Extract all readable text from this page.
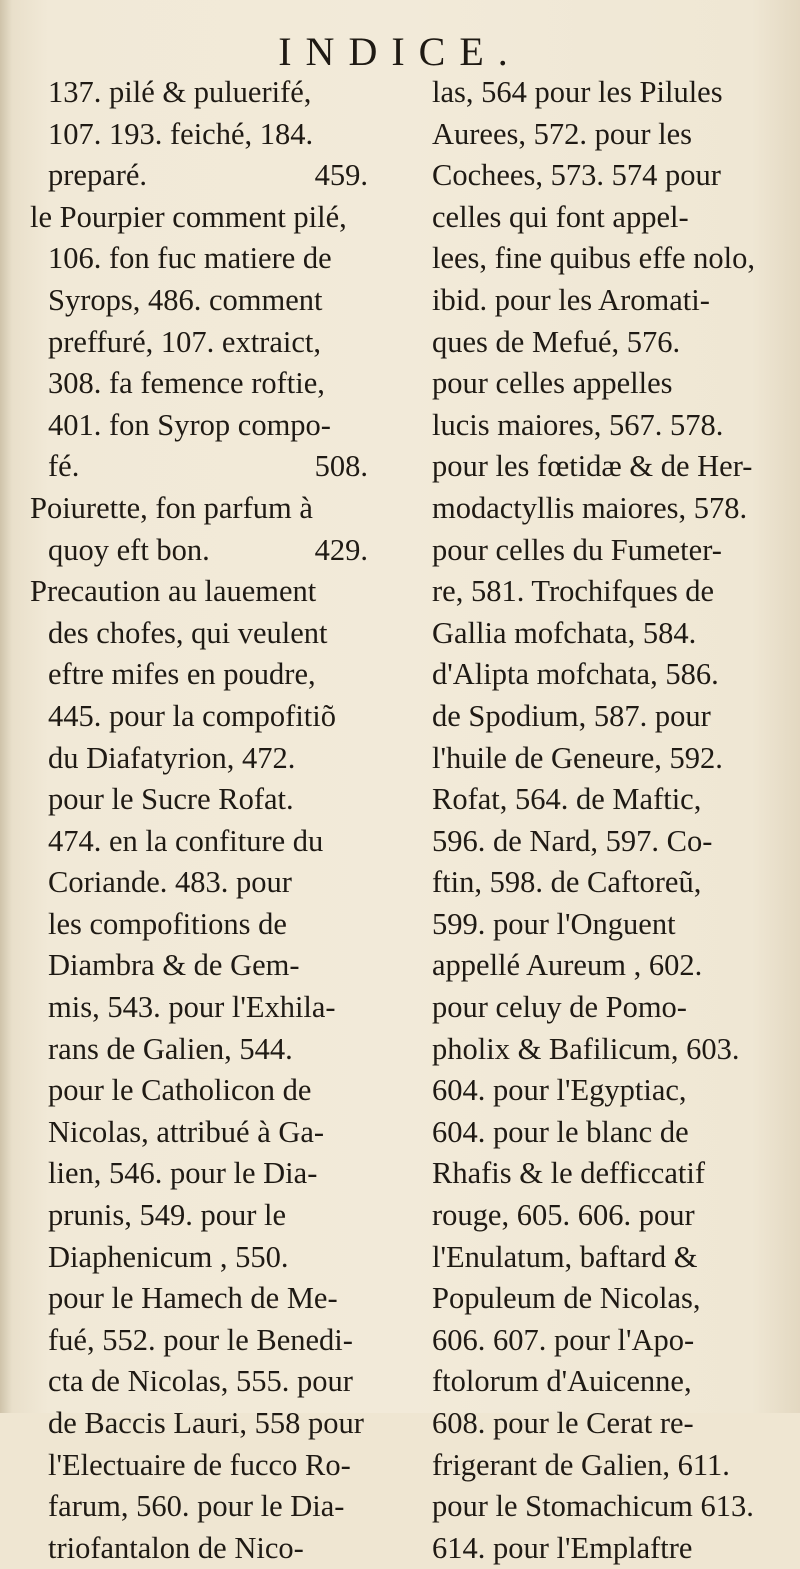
INDICE.
137. pilé & puluerifé,
107. 193. feiché, 184.
preparé.	459.
le Pourpier comment pilé,
106. fon fuc matiere de
Syrops, 486. comment
preffuré, 107. extraict,
308. fa femence roftie,
401. fon Syrop compo-
fé.	508.
Poiurette, fon parfum à
quoy eft bon.	429.
Precaution au lauement
des chofes, qui veulent
eftre mifes en poudre,
445. pour la compofitiõ
du Diafatyrion, 472.
pour le Sucre Rofat.
474. en la confiture du
Coriande. 483. pour
les compofitions de
Diambra & de Gem-
mis, 543. pour l'Exhila-
rans de Galien, 544.
pour le Catholicon de
Nicolas, attribué à Ga-
lien, 546. pour le Dia-
prunis, 549. pour le
Diaphenicum , 550.
pour le Hamech de Me-
fué, 552. pour le Benedi-
cta de Nicolas, 555. pour
de Baccis Lauri, 558 pour
l'Electuaire de fucco Ro-
farum, 560. pour le Dia-
triofantalon de Nico-
las, 564 pour les Pilules
Aurees, 572. pour les
Cochees, 573. 574 pour
celles qui font appel-
lees, fine quibus effe nolo,
ibid. pour les Aromati-
ques de Mefué, 576.
pour celles appelles
lucis maiores, 567. 578.
pour les fœtidæ & de Her-
modactyllis maiores, 578.
pour celles du Fumeter-
re, 581. Trochifques de
Gallia mofchata, 584.
d'Alipta mofchata, 586.
de Spodium, 587. pour
l'huile de Geneure, 592.
Rofat, 564. de Maftic,
596. de Nard, 597. Co-
ftin, 598. de Caftoreũ,
599. pour l'Onguent
appellé Aureum , 602.
pour celuy de Pomo-
pholix & Bafilicum, 603.
604. pour l'Egyptiac,
604. pour le blanc de
Rhafis & le defficcatif
rouge, 605. 606. pour
l'Enulatum, baftard &
Populeum de Nicolas,
606. 607. pour l'Apo-
ftolorum d'Auicenne,
608. pour le Cerat re-
frigerant de Galien, 611.
pour le Stomachicum 613.
614. pour l'Emplaftre
